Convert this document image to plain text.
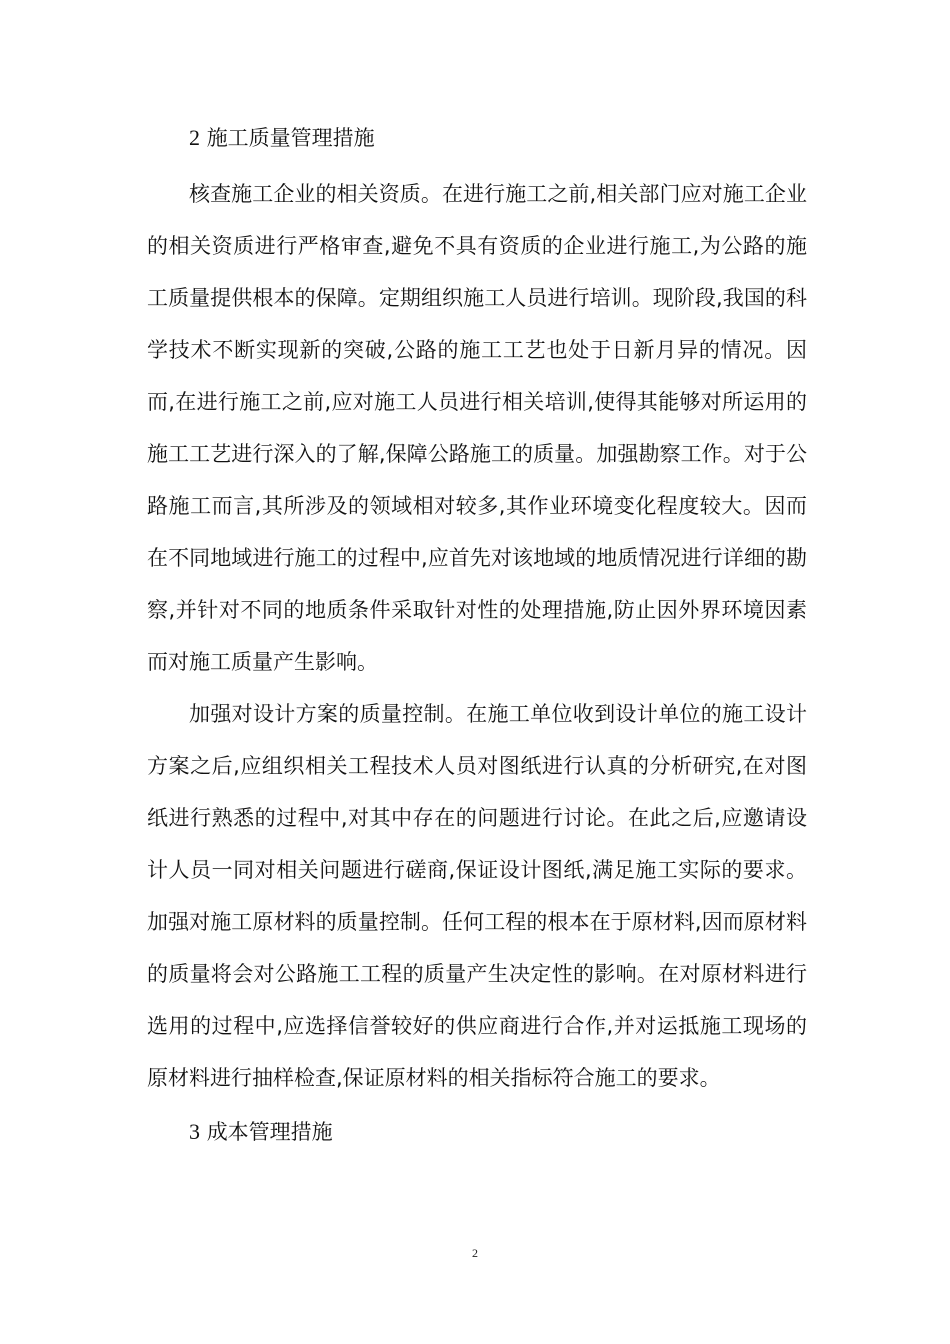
2 施工质量管理措施

核查施工企业的相关资质。在进行施工之前,相关部门应对施工企业的相关资质进行严格审查,避免不具有资质的企业进行施工,为公路的施工质量提供根本的保障。定期组织施工人员进行培训。现阶段,我国的科学技术不断实现新的突破,公路的施工工艺也处于日新月异的情况。因而,在进行施工之前,应对施工人员进行相关培训,使得其能够对所运用的施工工艺进行深入的了解,保障公路施工的质量。加强勘察工作。对于公路施工而言,其所涉及的领域相对较多,其作业环境变化程度较大。因而在不同地域进行施工的过程中,应首先对该地域的地质情况进行详细的勘察,并针对不同的地质条件采取针对性的处理措施,防止因外界环境因素而对施工质量产生影响。

加强对设计方案的质量控制。在施工单位收到设计单位的施工设计方案之后,应组织相关工程技术人员对图纸进行认真的分析研究,在对图纸进行熟悉的过程中,对其中存在的问题进行讨论。在此之后,应邀请设计人员一同对相关问题进行磋商,保证设计图纸,满足施工实际的要求。加强对施工原材料的质量控制。任何工程的根本在于原材料,因而原材料的质量将会对公路施工工程的质量产生决定性的影响。在对原材料进行选用的过程中,应选择信誉较好的供应商进行合作,并对运抵施工现场的原材料进行抽样检查,保证原材料的相关指标符合施工的要求。

3 成本管理措施

2
